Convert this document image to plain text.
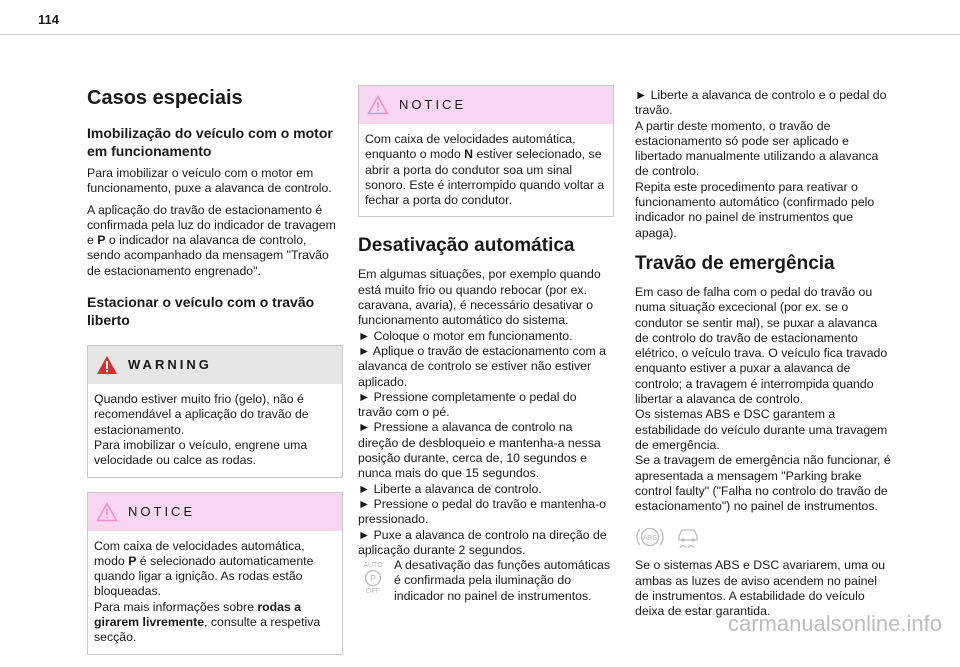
114
Casos especiais
Imobilização do veículo com o motor em funcionamento

Para imobilizar o veículo com o motor em funcionamento, puxe a alavanca de controlo.

A aplicação do travão de estacionamento é confirmada pela luz do indicador de travagem e P o indicador na alavanca de controlo, sendo acompanhado da mensagem "Travão de estacionamento engrenado".

Estacionar o veículo com o travão liberto
WARNING
Quando estiver muito frio (gelo), não é recomendável a aplicação do travão de estacionamento.
Para imobilizar o veículo, engrene uma velocidade ou calce as rodas.
NOTICE
Com caixa de velocidades automática, modo P é selecionado automaticamente quando ligar a ignição. As rodas estão bloqueadas.
Para mais informações sobre rodas a girarem livremente, consulte a respetiva secção.
NOTICE
Com caixa de velocidades automática, enquanto o modo N estiver selecionado, se abrir a porta do condutor soa um sinal sonoro. Este é interrompido quando voltar a fechar a porta do condutor.
Desativação automática

Em algumas situações, por exemplo quando está muito frio ou quando rebocar (por ex. caravana, avaria), é necessário desativar o funcionamento automático do sistema.

► Coloque o motor em funcionamento.
► Aplique o travão de estacionamento com a alavanca de controlo se estiver não estiver aplicado.
► Pressione completamente o pedal do travão com o pé.
► Pressione a alavanca de controlo na direção de desbloqueio e mantenha-a nessa posição durante, cerca de, 10 segundos e nunca mais do que 15 segundos.
► Liberte a alavanca de controlo.
► Pressione o pedal do travão e mantenha-o pressionado.
► Puxe a alavanca de controlo na direção de aplicação durante 2 segundos.
AUTO
P
OFF
A desativação das funções automáticas é confirmada pela iluminação do indicador no painel de instrumentos.
► Liberte a alavanca de controlo e o pedal do travão.
A partir deste momento, o travão de estacionamento só pode ser aplicado e libertado manualmente utilizando a alavanca de controlo.
Repita este procedimento para reativar o funcionamento automático (confirmado pelo indicador no painel de instrumentos que apaga).
Travão de emergência
Em caso de falha com o pedal do travão ou numa situação excecional (por ex. se o condutor se sentir mal), se puxar a alavanca de controlo do travão de estacionamento elétrico, o veículo trava. O veículo fica travado enquanto estiver a puxar a alavanca de controlo; a travagem é interrompida quando libertar a alavanca de controlo.
Os sistemas ABS e DSC garantem a estabilidade do veículo durante uma travagem de emergência.
Se a travagem de emergência não funcionar, é apresentada a mensagem "Parking brake control faulty" ("Falha no controlo do travão de estacionamento") no painel de instrumentos.
ABS
Se o sistemas ABS e DSC avariarem, uma ou ambas as luzes de aviso acendem no painel de instrumentos. A estabilidade do veículo deixa de estar garantida.
carmanualsonline.info
